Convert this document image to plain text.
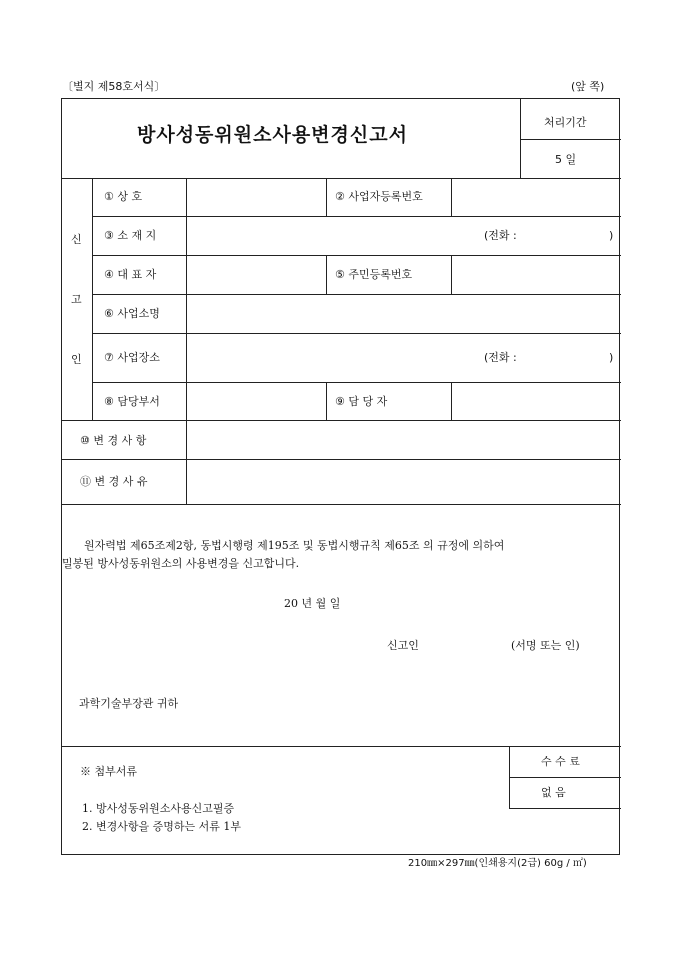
〔별지 제58호서식〕	(앞 쪽)
방사성동위원소사용변경신고서
처리기간
5 일
신
고
인
① 상 호	② 사업자등록번호
③ 소 재 지	(전화 :	)
④ 대 표 자	⑤ 주민등록번호
⑥ 사업소명
⑦ 사업장소	(전화 :	)
⑧ 담당부서	⑨ 담 당 자
⑩ 변 경 사 항
⑪ 변 경 사 유
원자력법 제65조제2항, 동법시행령 제195조 및 동법시행규칙 제65조 의 규정에 의하여
밀봉된 방사성동위원소의 사용변경을 신고합니다.
20 년 월 일
신고인	(서명 또는 인)
과학기술부장관 귀하
※ 첨부서류
1. 방사성동위원소사용신고필증
2. 변경사항을 증명하는 서류 1부
수 수 료
없 음
210㎜×297㎜(인쇄용지(2급) 60g / ㎡)
